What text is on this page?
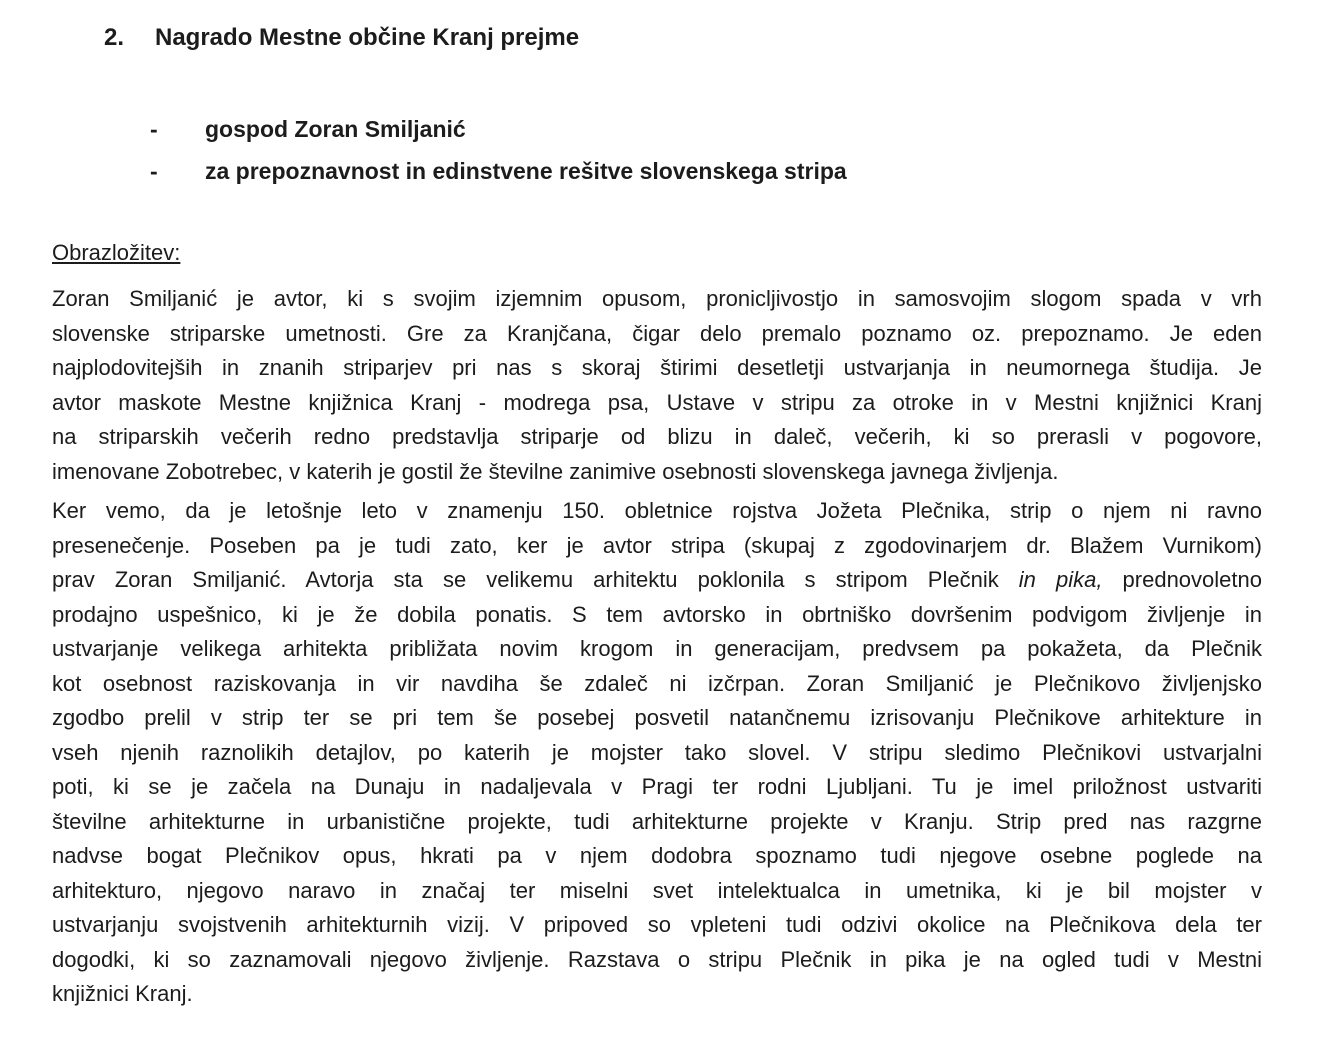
2. Nagrado Mestne občine Kranj prejme
- gospod Zoran Smiljanić
- za prepoznavnost in edinstvene rešitve slovenskega stripa
Obrazložitev:
Zoran Smiljanić je avtor, ki s svojim izjemnim opusom, pronicljivostjo in samosvojim slogom spada v vrh
slovenske striparske umetnosti. Gre za Kranjčana, čigar delo premalo poznamo oz. prepoznamo. Je eden
najplodovitejših in znanih striparjev pri nas s skoraj štirimi desetletji ustvarjanja in neumornega študija. Je
avtor maskote Mestne knjižnica Kranj - modrega psa, Ustave v stripu za otroke in v Mestni knjižnici Kranj
na striparskih večerih redno predstavlja striparje od blizu in daleč, večerih, ki so prerasli v pogovore,
imenovane Zobotrebec, v katerih je gostil že številne zanimive osebnosti slovenskega javnega življenja.
Ker vemo, da je letošnje leto v znamenju 150. obletnice rojstva Jožeta Plečnika, strip o njem ni ravno
presenečenje. Poseben pa je tudi zato, ker je avtor stripa (skupaj z zgodovinarjem dr. Blažem Vurnikom)
prav Zoran Smiljanić. Avtorja sta se velikemu arhitektu poklonila s stripom Plečnik in pika, prednovoletno
prodajno uspešnico, ki je že dobila ponatis. S tem avtorsko in obrtniško dovršenim podvigom življenje in
ustvarjanje velikega arhitekta približata novim krogom in generacijam, predvsem pa pokažeta, da Plečnik
kot osebnost raziskovanja in vir navdiha še zdaleč ni izčrpan. Zoran Smiljanić je Plečnikovo življenjsko
zgodbo prelil v strip ter se pri tem še posebej posvetil natančnemu izrisovanju Plečnikove arhitekture in
vseh njenih raznolikih detajlov, po katerih je mojster tako slovel. V stripu sledimo Plečnikovi ustvarjalni
poti, ki se je začela na Dunaju in nadaljevala v Pragi ter rodni Ljubljani. Tu je imel priložnost ustvariti
številne arhitekturne in urbanistične projekte, tudi arhitekturne projekte v Kranju. Strip pred nas razgrne
nadvse bogat Plečnikov opus, hkrati pa v njem dodobra spoznamo tudi njegove osebne poglede na
arhitekturo, njegovo naravo in značaj ter miselni svet intelektualca in umetnika, ki je bil mojster v
ustvarjanju svojstvenih arhitekturnih vizij. V pripoved so vpleteni tudi odzivi okolice na Plečnikova dela ter
dogodki, ki so zaznamovali njegovo življenje. Razstava o stripu Plečnik in pika je na ogled tudi v Mestni
knjižnici Kranj.
